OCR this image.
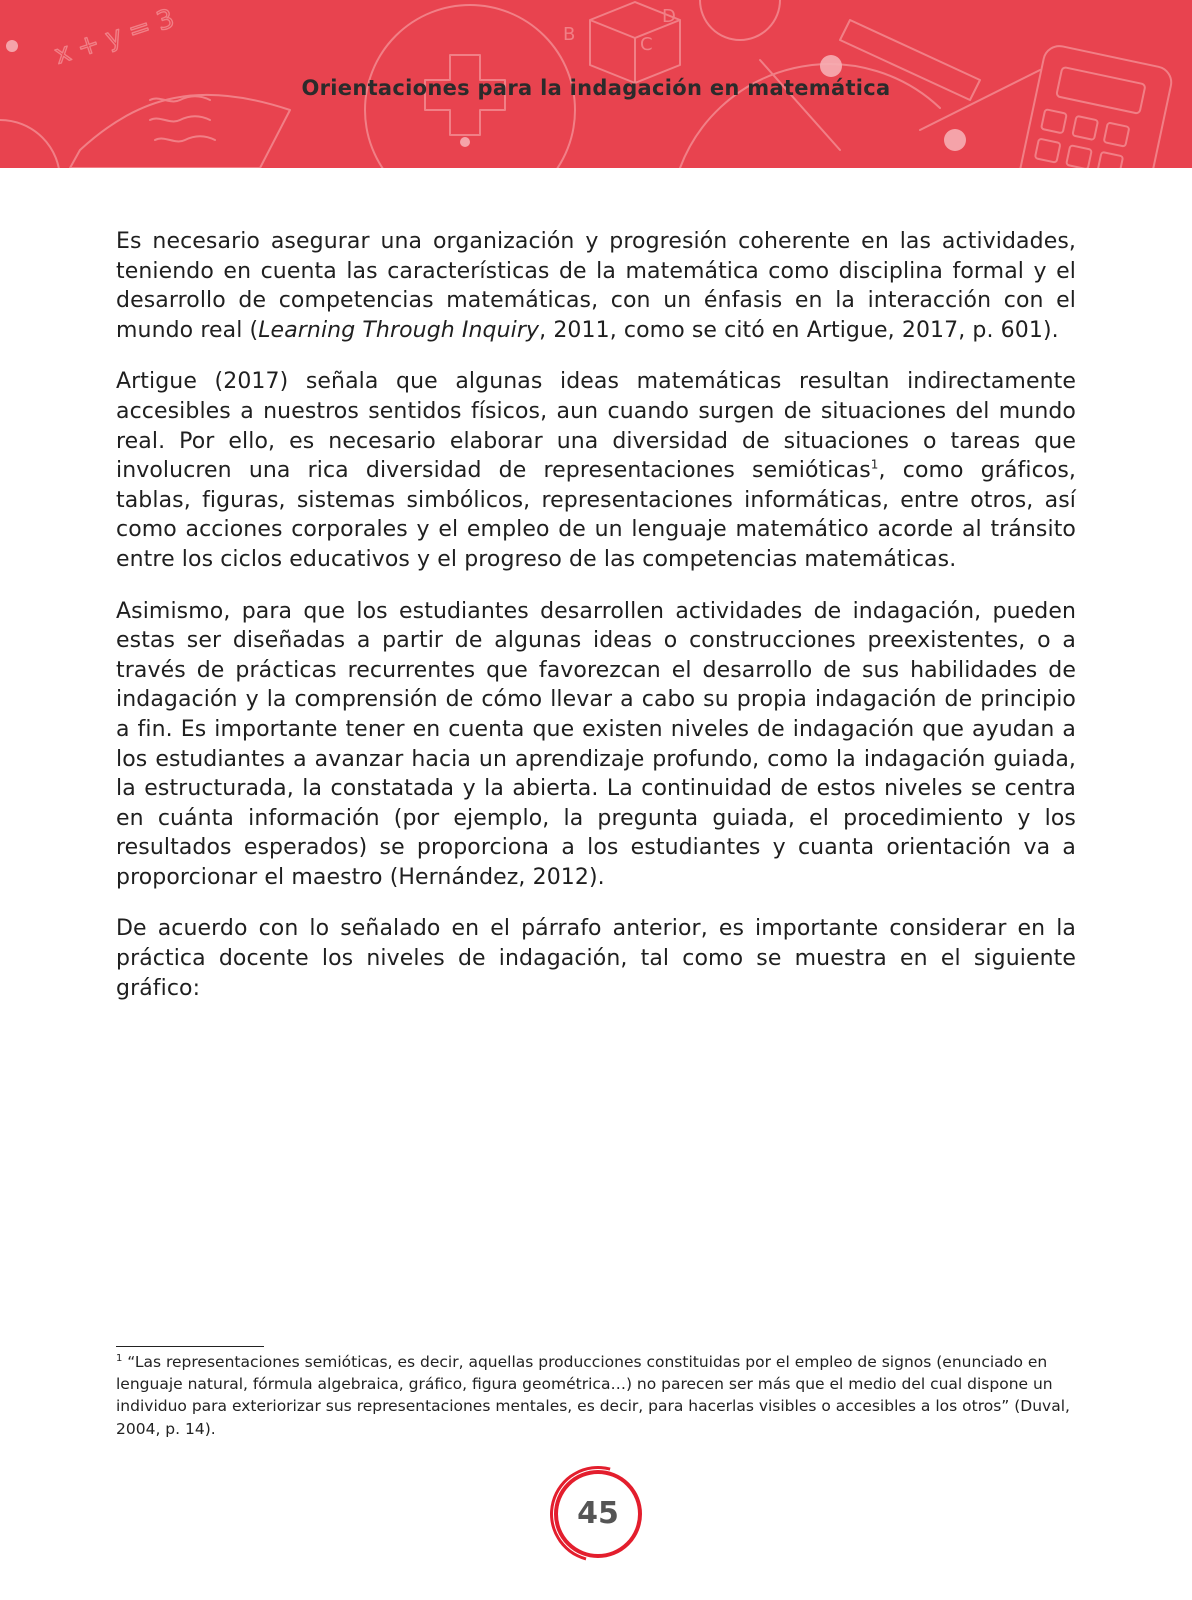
x + y = 3	B	C
D
Orientaciones para la indagación en matemática

Es necesario asegurar una organización y progresión coherente en las actividades, teniendo en cuenta las características de la matemática como disciplina formal y el desarrollo de competencias matemáticas, con un énfasis en la interacción con el mundo real (Learning Through Inquiry, 2011, como se citó en Artigue, 2017, p. 601).

Artigue (2017) señala que algunas ideas matemáticas resultan indirectamente accesibles a nuestros sentidos físicos, aun cuando surgen de situaciones del mundo real. Por ello, es necesario elaborar una diversidad de situaciones o tareas que involucren una rica diversidad de representaciones semióticas$^1$, como gráficos, tablas, figuras, sistemas simbólicos, representaciones informáticas, entre otros, así como acciones corporales y el empleo de un lenguaje matemático acorde al tránsito entre los ciclos educativos y el progreso de las competencias matemáticas.

Asimismo, para que los estudiantes desarrollen actividades de indagación, pueden estas ser diseñadas a partir de algunas ideas o construcciones preexistentes, o a través de prácticas recurrentes que favorezcan el desarrollo de sus habilidades de indagación y la comprensión de cómo llevar a cabo su propia indagación de principio a fin. Es importante tener en cuenta que existen niveles de indagación que ayudan a los estudiantes a avanzar hacia un aprendizaje profundo, como la indagación guiada, la estructurada, la constatada y la abierta. La continuidad de estos niveles se centra en cuánta información (por ejemplo, la pregunta guiada, el procedimiento y los resultados esperados) se proporciona a los estudiantes y cuanta orientación va a proporcionar el maestro (Hernández, 2012).

De acuerdo con lo señalado en el párrafo anterior, es importante considerar en la práctica docente los niveles de indagación, tal como se muestra en el siguiente gráfico:

$^1$ “Las representaciones semióticas, es decir, aquellas producciones constituidas por el empleo de signos (enunciado en lenguaje natural, fórmula algebraica, gráfico, figura geométrica…) no parecen ser más que el medio del cual dispone un individuo para exteriorizar sus representaciones mentales, es decir, para hacerlas visibles o accesibles a los otros” (Duval, 2004, p. 14).
45
